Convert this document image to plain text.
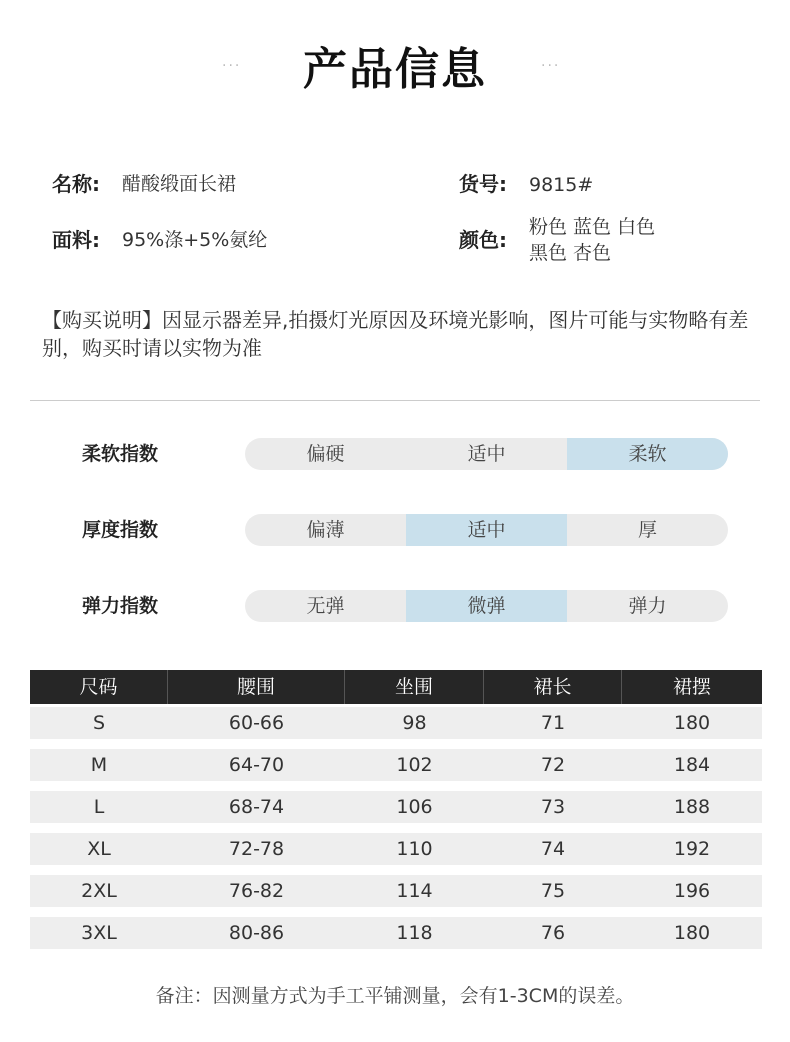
···	产品信息	···
名称: 醋酸缎面长裙	货号: 9815#
面料: 95%涤+5%氨纶	颜色:
粉色 蓝色 白色
黑色 杏色

【购买说明】因显示器差异,拍摄灯光原因及环境光影响，图片可能与实物略有差别，购买时请以实物为准

柔软指数	偏硬	适中	柔软
厚度指数	偏薄	适中	厚
弹力指数	无弹	微弹	弹力
尺码	腰围	坐围	裙长	裙摆
S	60-66	98	71	180
M	64-70	102	72	184
L	68-74	106	73	188
XL	72-78	110	74	192
2XL	76-82	114	75	196
3XL	80-86	118	76	180

备注：因测量方式为手工平铺测量，会有1-3CM的误差。
